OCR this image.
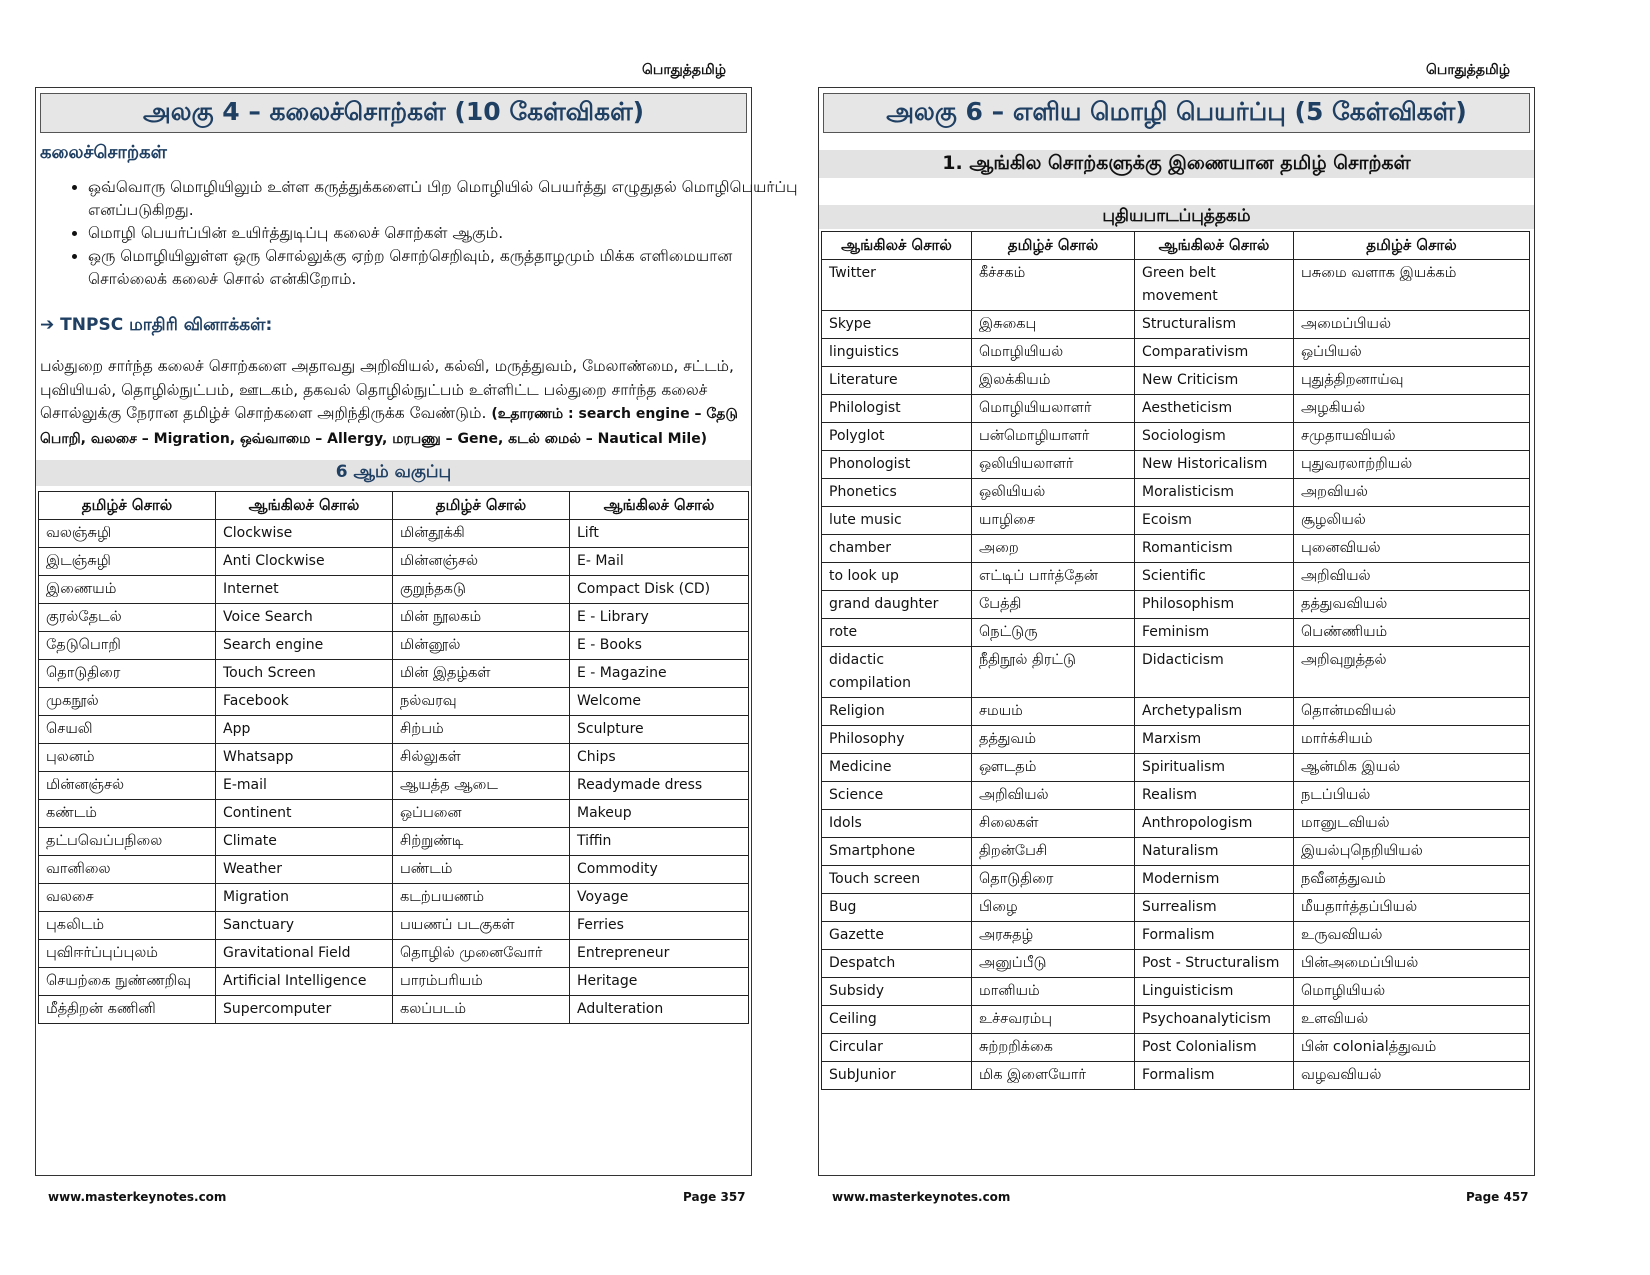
பொதுத்தமிழ்
அலகு 4 – கலைச்சொற்கள் (10 கேள்விகள்)
கலைச்சொற்கள்
• ஒவ்வொரு மொழியிலும் உள்ள கருத்துக்களைப் பிற மொழியில் பெயர்த்து எழுதுதல் மொழிபெயர்ப்பு எனப்படுகிறது.
• மொழி பெயர்ப்பின் உயிர்த்துடிப்பு கலைச் சொற்கள் ஆகும்.
• ஒரு மொழியிலுள்ள ஒரு சொல்லுக்கு ஏற்ற சொற்செறிவும், கருத்தாழமும் மிக்க எளிமையான சொல்லைக் கலைச் சொல் என்கிறோம்.
➔ TNPSC மாதிரி வினாக்கள்:
பல்துறை சார்ந்த கலைச் சொற்களை அதாவது அறிவியல், கல்வி, மருத்துவம், மேலாண்மை, சட்டம், புவியியல், தொழில்நுட்பம், ஊடகம், தகவல் தொழில்நுட்பம் உள்ளிட்ட பல்துறை சார்ந்த கலைச் சொல்லுக்கு நேரான தமிழ்ச் சொற்களை அறிந்திருக்க வேண்டும். (உதாரணம் : search engine – தேடு பொறி, வலசை – Migration, ஒவ்வாமை – Allergy, மரபணு – Gene, கடல் மைல் – Nautical Mile)
6 ஆம் வகுப்பு
தமிழ்ச் சொல்	ஆங்கிலச் சொல்	தமிழ்ச் சொல்	ஆங்கிலச் சொல்
வலஞ்சுழி	Clockwise	மின்தூக்கி	Lift
இடஞ்சுழி	Anti Clockwise	மின்னஞ்சல்	E- Mail
இணையம்	Internet	குறுந்தகடு	Compact Disk (CD)
குரல்தேடல்	Voice Search	மின் நூலகம்	E - Library
தேடுபொறி	Search engine	மின்னூல்	E - Books
தொடுதிரை	Touch Screen	மின் இதழ்கள்	E - Magazine
முகநூல்	Facebook	நல்வரவு	Welcome
செயலி	App	சிற்பம்	Sculpture
புலனம்	Whatsapp	சில்லுகள்	Chips
மின்னஞ்சல்	E-mail	ஆயத்த ஆடை	Readymade dress
கண்டம்	Continent	ஒப்பனை	Makeup
தட்பவெப்பநிலை	Climate	சிற்றுண்டி	Tiffin
வானிலை	Weather	பண்டம்	Commodity
வலசை	Migration	கடற்பயணம்	Voyage
புகலிடம்	Sanctuary	பயணப் படகுகள்	Ferries
புவிஈர்ப்புப்புலம்	Gravitational Field	தொழில் முனைவோர்	Entrepreneur
செயற்கை நுண்ணறிவு	Artificial Intelligence	பாரம்பரியம்	Heritage
மீத்திறன் கணினி	Supercomputer	கலப்படம்	Adulteration
www.masterkeynotes.com	Page 357
பொதுத்தமிழ்
அலகு 6 – எளிய மொழி பெயர்ப்பு (5 கேள்விகள்)
1. ஆங்கில சொற்களுக்கு இணையான தமிழ் சொற்கள்
புதியபாடப்புத்தகம்
ஆங்கிலச் சொல்	தமிழ்ச் சொல்	ஆங்கிலச் சொல்	தமிழ்ச் சொல்
Twitter	கீச்சகம்	Green belt movement	பசுமை வளாக இயக்கம்
Skype	இசுகைபு	Structuralism	அமைப்பியல்
linguistics	மொழியியல்	Comparativism	ஒப்பியல்
Literature	இலக்கியம்	New Criticism	புதுத்திறனாய்வு
Philologist	மொழியியலாளர்	Aestheticism	அழகியல்
Polyglot	பன்மொழியாளர்	Sociologism	சமுதாயவியல்
Phonologist	ஒலியியலாளர்	New Historicalism	புதுவரலாற்றியல்
Phonetics	ஒலியியல்	Moralisticism	அறவியல்
lute music	யாழிசை	Ecoism	சூழலியல்
chamber	அறை	Romanticism	புனைவியல்
to look up	எட்டிப் பார்த்தேன்	Scientific	அறிவியல்
grand daughter	பேத்தி	Philosophism	தத்துவவியல்
rote	நெட்டுரு	Feminism	பெண்ணியம்
didactic compilation	நீதிநூல் திரட்டு	Didacticism	அறிவுறுத்தல்
Religion	சமயம்	Archetypalism	தொன்மவியல்
Philosophy	தத்துவம்	Marxism	மார்க்சியம்
Medicine	ஔடதம்	Spiritualism	ஆன்மிக இயல்
Science	அறிவியல்	Realism	நடப்பியல்
Idols	சிலைகள்	Anthropologism	மானுடவியல்
Smartphone	திறன்பேசி	Naturalism	இயல்புநெறியியல்
Touch screen	தொடுதிரை	Modernism	நவீனத்துவம்
Bug	பிழை	Surrealism	மீயதார்த்தப்பியல்
Gazette	அரசுதழ்	Formalism	உருவவியல்
Despatch	அனுப்பீடு	Post - Structuralism	பின்அமைப்பியல்
Subsidy	மானியம்	Linguisticism	மொழியியல்
Ceiling	உச்சவரம்பு	Psychoanalyticism	உளவியல்
Circular	சுற்றறிக்கை	Post Colonialism	பின் colonialத்துவம்
SubJunior	மிக இளையோர்	Formalism	வழவவியல்
www.masterkeynotes.com	Page 457
